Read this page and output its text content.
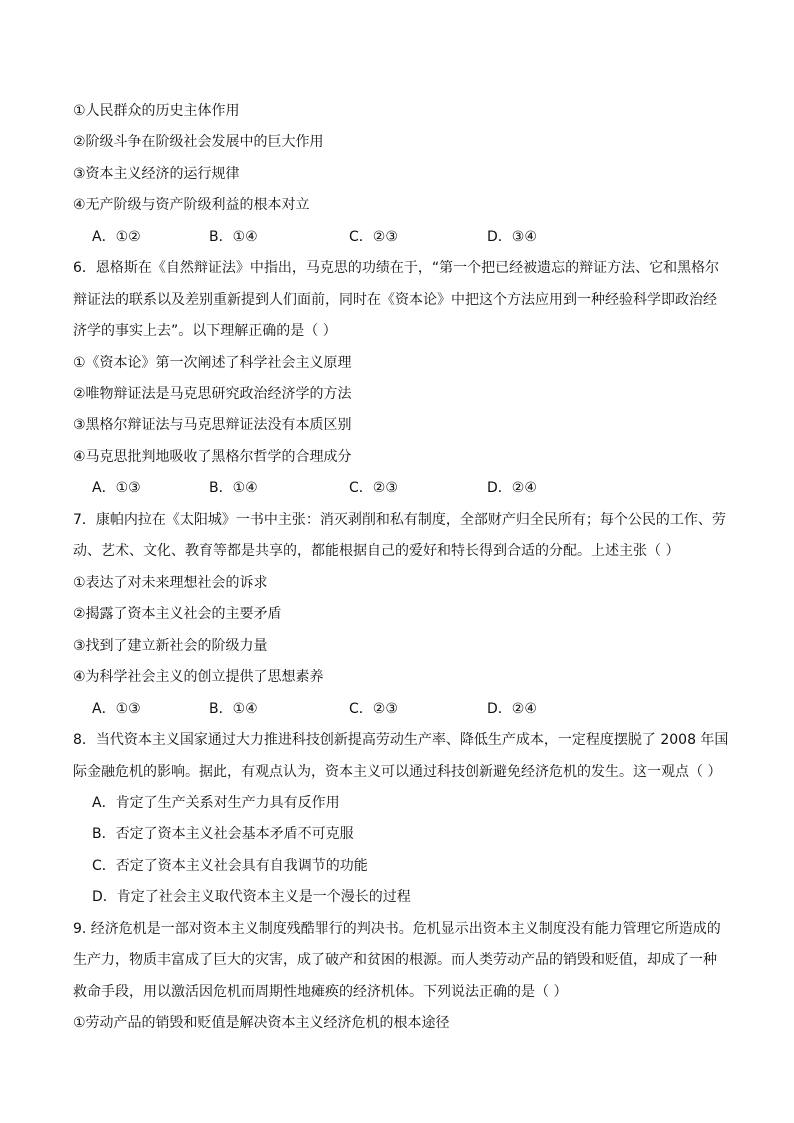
①人民群众的历史主体作用
②阶级斗争在阶级社会发展中的巨大作用
③资本主义经济的运行规律
④无产阶级与资产阶级利益的根本对立
A．①②	B．①④	C．②③	D．③④
6．恩格斯在《自然辩证法》中指出，马克思的功绩在于，“第一个把已经被遗忘的辩证方法、它和黑格尔
辩证法的联系以及差别重新提到人们面前，同时在《资本论》中把这个方法应用到一种经验科学即政治经
济学的事实上去”。以下理解正确的是（ ）
①《资本论》第一次阐述了科学社会主义原理
②唯物辩证法是马克思研究政治经济学的方法
③黑格尔辩证法与马克思辩证法没有本质区别
④马克思批判地吸收了黑格尔哲学的合理成分
A．①③	B．①④	C．②③	D．②④
7．康帕内拉在《太阳城》一书中主张：消灭剥削和私有制度，全部财产归全民所有；每个公民的工作、劳
动、艺术、文化、教育等都是共享的，都能根据自己的爱好和特长得到合适的分配。上述主张（ ）
①表达了对未来理想社会的诉求
②揭露了资本主义社会的主要矛盾
③找到了建立新社会的阶级力量
④为科学社会主义的创立提供了思想素养
A．①③	B．①④	C．②③	D．②④
8．当代资本主义国家通过大力推进科技创新提高劳动生产率、降低生产成本，一定程度摆脱了 2008 年国
际金融危机的影响。据此，有观点认为，资本主义可以通过科技创新避免经济危机的发生。这一观点（ ）
A．肯定了生产关系对生产力具有反作用
B．否定了资本主义社会基本矛盾不可克服
C．否定了资本主义社会具有自我调节的功能
D．肯定了社会主义取代资本主义是一个漫长的过程
9. 经济危机是一部对资本主义制度残酷罪行的判决书。危机显示出资本主义制度没有能力管理它所造成的
生产力，物质丰富成了巨大的灾害，成了破产和贫困的根源。而人类劳动产品的销毁和贬值，却成了一种
救命手段，用以激活因危机而周期性地瘫痪的经济机体。下列说法正确的是（ ）
①劳动产品的销毁和贬值是解决资本主义经济危机的根本途径
